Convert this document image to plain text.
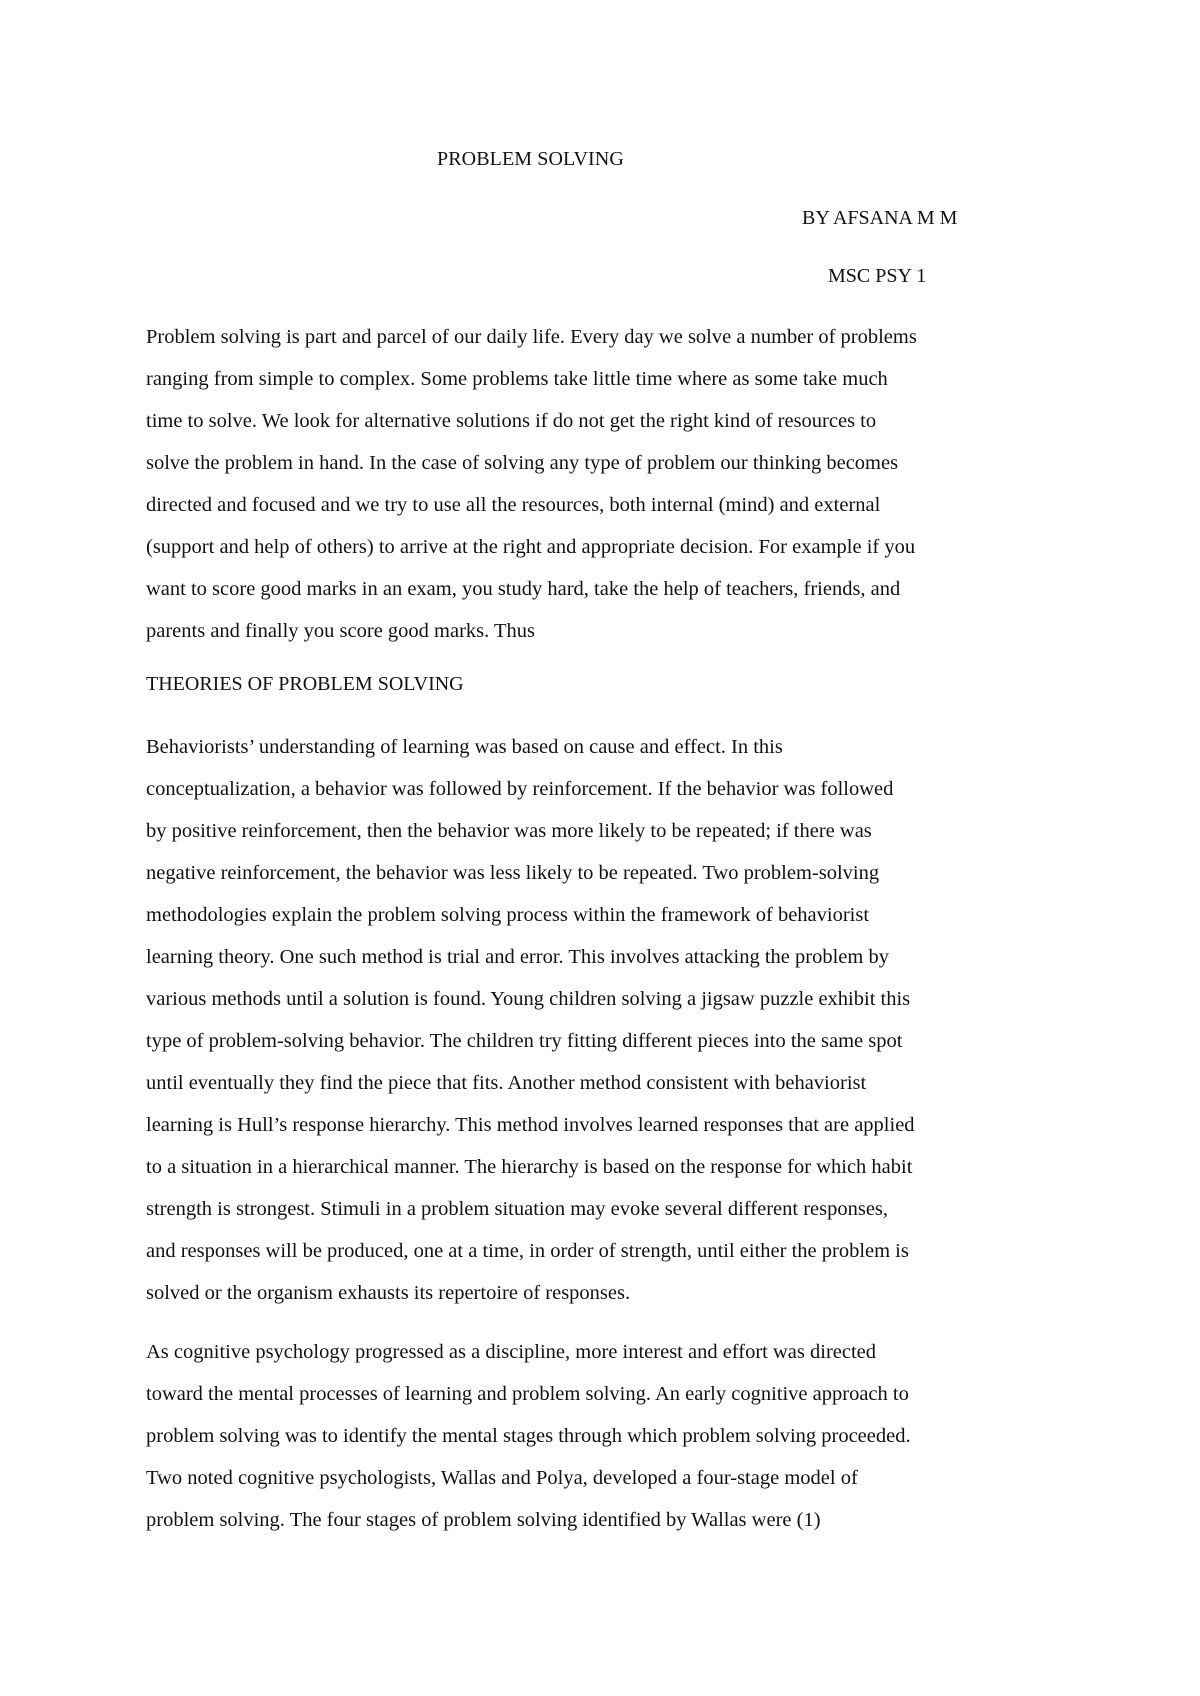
PROBLEM SOLVING

BY AFSANA M M

MSC PSY 1

Problem solving is part and parcel of our daily life. Every day we solve a number of problems
ranging from simple to complex. Some problems take little time where as some take much
time to solve. We look for alternative solutions if do not get the right kind of resources to
solve the problem in hand. In the case of solving any type of problem our thinking becomes
directed and focused and we try to use all the resources, both internal (mind) and external
(support and help of others) to arrive at the right and appropriate decision. For example if you
want to score good marks in an exam, you study hard, take the help of teachers, friends, and
parents and finally you score good marks. Thus

THEORIES OF PROBLEM SOLVING

Behaviorists’ understanding of learning was based on cause and effect. In this
conceptualization, a behavior was followed by reinforcement. If the behavior was followed
by positive reinforcement, then the behavior was more likely to be repeated; if there was
negative reinforcement, the behavior was less likely to be repeated. Two problem-solving
methodologies explain the problem solving process within the framework of behaviorist
learning theory. One such method is trial and error. This involves attacking the problem by
various methods until a solution is found. Young children solving a jigsaw puzzle exhibit this
type of problem-solving behavior. The children try fitting different pieces into the same spot
until eventually they find the piece that fits. Another method consistent with behaviorist
learning is Hull’s response hierarchy. This method involves learned responses that are applied
to a situation in a hierarchical manner. The hierarchy is based on the response for which habit
strength is strongest. Stimuli in a problem situation may evoke several different responses,
and responses will be produced, one at a time, in order of strength, until either the problem is
solved or the organism exhausts its repertoire of responses.

As cognitive psychology progressed as a discipline, more interest and effort was directed
toward the mental processes of learning and problem solving. An early cognitive approach to
problem solving was to identify the mental stages through which problem solving proceeded.
Two noted cognitive psychologists, Wallas and Polya, developed a four-stage model of
problem solving. The four stages of problem solving identified by Wallas were (1)
